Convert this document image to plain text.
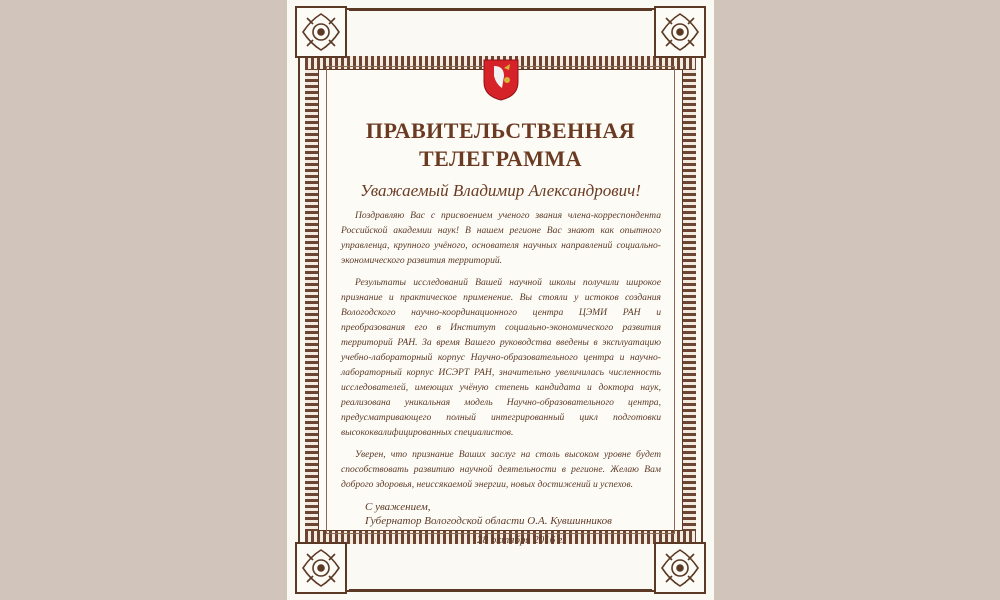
ПРАВИТЕЛЬСТВЕННАЯ
ТЕЛЕГРАММА
Уважаемый Владимир Александрович!

Поздравляю Вас с присвоением ученого звания члена-корреспондента Российской академии наук! В нашем регионе Вас знают как опытного управленца, крупного учёного, основателя научных направлений социально-экономического развития территорий.

Результаты исследований Вашей научной школы получили широкое признание и практическое применение. Вы стояли у истоков создания Вологодского научно-координационного центра ЦЭМИ РАН и преобразования его в Институт социально-экономического развития территорий РАН. За время Вашего руководства введены в эксплуатацию учебно-лабораторный корпус Научно-образовательного центра и научно-лабораторный корпус ИСЭРТ РАН, значительно увеличилась численность исследователей, имеющих учёную степень кандидата и доктора наук, реализована уникальная модель Научно-образовательного центра, предусматривающего полный интегрированный цикл подготовки высококвалифицированных специалистов.

Уверен, что признание Ваших заслуг на столь высоком уровне будет способствовать развитию научной деятельности в регионе. Желаю Вам доброго здоровья, неиссякаемой энергии, новых достижений и успехов.

С уважением,
Губернатор Вологодской области О.А. Кувшинников
28 октября 2016 г.
